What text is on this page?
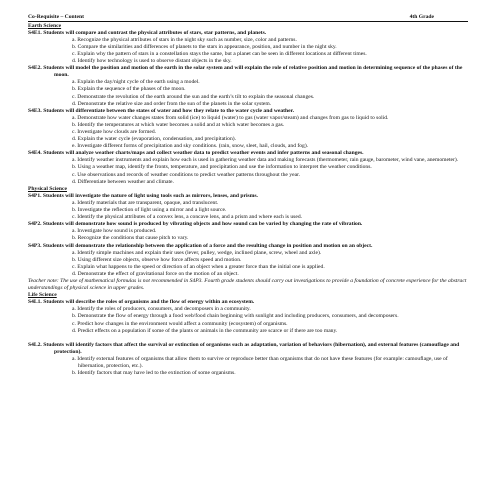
Co-Requisite – Content	4th Grade
Earth Science
S4E1. Students will compare and contrast the physical attributes of stars, star patterns, and planets.
a. Recognize the physical attributes of stars in the night sky such as number, size, color and patterns.
b. Compare the similarities and differences of planets to the stars in appearance, position, and number in the night sky.
c. Explain why the pattern of stars in a constellation stays the same, but a planet can be seen in different locations at different times.
d. Identify how technology is used to observe distant objects in the sky.
S4E2. Students will model the position and motion of the earth in the solar system and will explain the role of relative position and motion in determining sequence of the phases of the moon.
a. Explain the day/night cycle of the earth using a model.
b. Explain the sequence of the phases of the moon.
c. Demonstrate the revolution of the earth around the sun and the earth’s tilt to explain the seasonal changes.
d. Demonstrate the relative size and order from the sun of the planets in the solar system.
S4E3. Students will differentiate between the states of water and how they relate to the water cycle and weather.
a. Demonstrate how water changes states from solid (ice) to liquid (water) to gas (water vapor/steam) and changes from gas to liquid to solid.
b. Identify the temperatures at which water becomes a solid and at which water becomes a gas.
c. Investigate how clouds are formed.
d. Explain the water cycle (evaporation, condensation, and precipitation).
e. Investigate different forms of precipitation and sky conditions. (rain, snow, sleet, hail, clouds, and fog).
S4E4. Students will analyze weather charts/maps and collect weather data to predict weather events and infer patterns and seasonal changes.
a. Identify weather instruments and explain how each is used in gathering weather data and making forecasts (thermometer, rain gauge, barometer, wind vane, anemometer).
b. Using a weather map, identify the fronts, temperature, and precipitation and use the information to interpret the weather conditions.
c. Use observations and records of weather conditions to predict weather patterns throughout the year.
d. Differentiate between weather and climate.
Physical Science
S4P1. Students will investigate the nature of light using tools such as mirrors, lenses, and prisms.
a. Identify materials that are transparent, opaque, and translucent.
b. Investigate the reflection of light using a mirror and a light source.
c. Identify the physical attributes of a convex lens, a concave lens, and a prism and where each is used.
S4P2. Students will demonstrate how sound is produced by vibrating objects and how sound can be varied by changing the rate of vibration.
a. Investigate how sound is produced.
b. Recognize the conditions that cause pitch to vary.
S4P3. Students will demonstrate the relationship between the application of a force and the resulting change in position and motion on an object.
a. Identify simple machines and explain their uses (lever, pulley, wedge, inclined plane, screw, wheel and axle).
b. Using different size objects, observe how force affects speed and motion.
c. Explain what happens to the speed or direction of an object when a greater force than the initial one is applied.
d. Demonstrate the effect of gravitational force on the motion of an object.
Teacher note: The use of mathematical formulas is not recommended in S4P3. Fourth grade students should carry out investigations to provide a foundation of concrete experience for the abstract understandings of physical science in upper grades.
Life Science
S4L1. Students will describe the roles of organisms and the flow of energy within an ecosystem.
a. Identify the roles of producers, consumers, and decomposers in a community.
b. Demonstrate the flow of energy through a food web/food chain beginning with sunlight and including producers, consumers, and decomposers.
c. Predict how changes in the environment would affect a community (ecosystem) of organisms.
d. Predict effects on a population if some of the plants or animals in the community are scarce or if there are too many.
S4L2. Students will identify factors that affect the survival or extinction of organisms such as adaptation, variation of behaviors (hibernation), and external features (camouflage and protection).
a. Identify external features of organisms that allow them to survive or reproduce better than organisms that do not have these features (for example: camouflage, use of hibernation, protection, etc.).
b. Identify factors that may have led to the extinction of some organisms.
